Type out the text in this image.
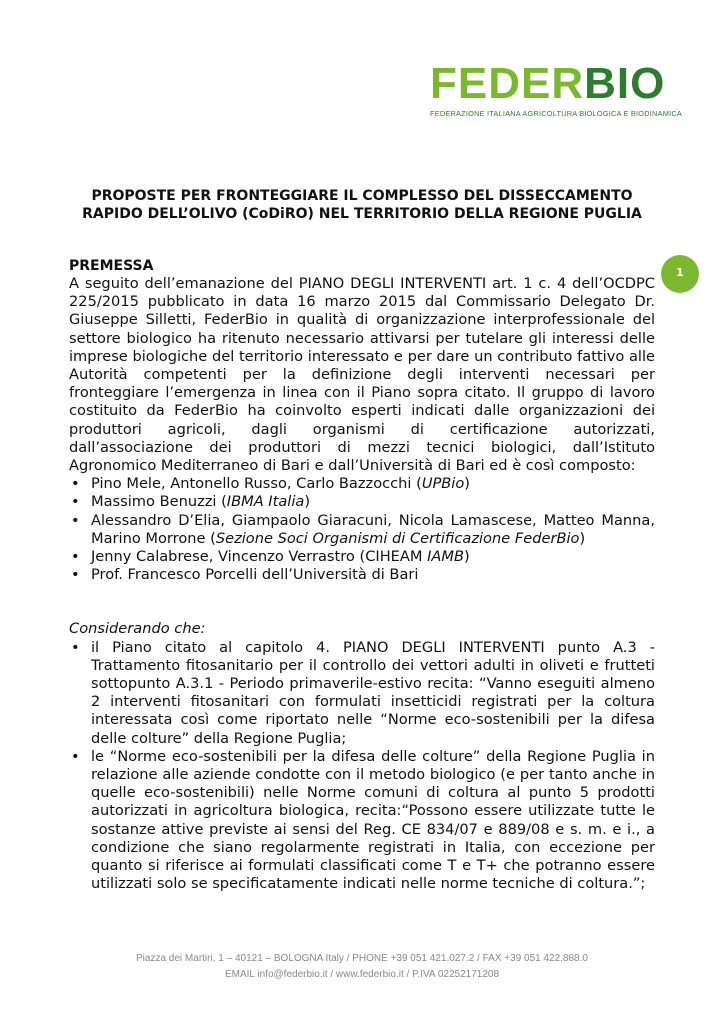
FEDERBIO
FEDERAZIONE ITALIANA AGRICOLTURA BIOLOGICA E BIODINAMICA
1
PROPOSTE PER FRONTEGGIARE IL COMPLESSO DEL DISSECCAMENTO RAPIDO DELL’OLIVO (CoDiRO) NEL TERRITORIO DELLA REGIONE PUGLIA

PREMESSA

A seguito dell’emanazione del PIANO DEGLI INTERVENTI art. 1 c. 4 dell’OCDPC 225/2015 pubblicato in data 16 marzo 2015 dal Commissario Delegato Dr. Giuseppe Silletti, FederBio in qualità di organizzazione interprofessionale del settore biologico ha ritenuto necessario attivarsi per tutelare gli interessi delle imprese biologiche del territorio interessato e per dare un contributo fattivo alle Autorità competenti per la definizione degli interventi necessari per fronteggiare l’emergenza in linea con il Piano sopra citato. Il gruppo di lavoro costituito da FederBio ha coinvolto esperti indicati dalle organizzazioni dei produttori agricoli, dagli organismi di certificazione autorizzati, dall’associazione dei produttori di mezzi tecnici biologici, dall’Istituto Agronomico Mediterraneo di Bari e dall’Università di Bari ed è così composto:

• Pino Mele, Antonello Russo, Carlo Bazzocchi (UPBio)
• Massimo Benuzzi (IBMA Italia)
• Alessandro D’Elia, Giampaolo Giaracuni, Nicola Lamascese, Matteo Manna, Marino Morrone (Sezione Soci Organismi di Certificazione FederBio)
• Jenny Calabrese, Vincenzo Verrastro (CIHEAM IAMB)
• Prof. Francesco Porcelli dell’Università di Bari

Considerando che:

• il Piano citato al capitolo 4. PIANO DEGLI INTERVENTI punto A.3 - Trattamento fitosanitario per il controllo dei vettori adulti in oliveti e frutteti sottopunto A.3.1 - Periodo primaverile-estivo recita: “Vanno eseguiti almeno 2 interventi fitosanitari con formulati insetticidi registrati per la coltura interessata così come riportato nelle “Norme eco-sostenibili per la difesa delle colture” della Regione Puglia;
• le “Norme eco-sostenibili per la difesa delle colture” della Regione Puglia in relazione alle aziende condotte con il metodo biologico (e per tanto anche in quelle eco-sostenibili) nelle Norme comuni di coltura al punto 5 prodotti autorizzati in agricoltura biologica, recita:“Possono essere utilizzate tutte le sostanze attive previste ai sensi del Reg. CE 834/07 e 889/08 e s. m. e i., a condizione che siano regolarmente registrati in Italia, con eccezione per quanto si riferisce ai formulati classificati come T e T+ che potranno essere utilizzati solo se specificatamente indicati nelle norme tecniche di coltura.”;
Piazza dei Martiri, 1 – 40121 – BOLOGNA Italy / PHONE +39 051 421.027.2 / FAX +39 051 422.888.0
EMAIL info@federbio.it / www.federbio.it / P.IVA 02252171208
